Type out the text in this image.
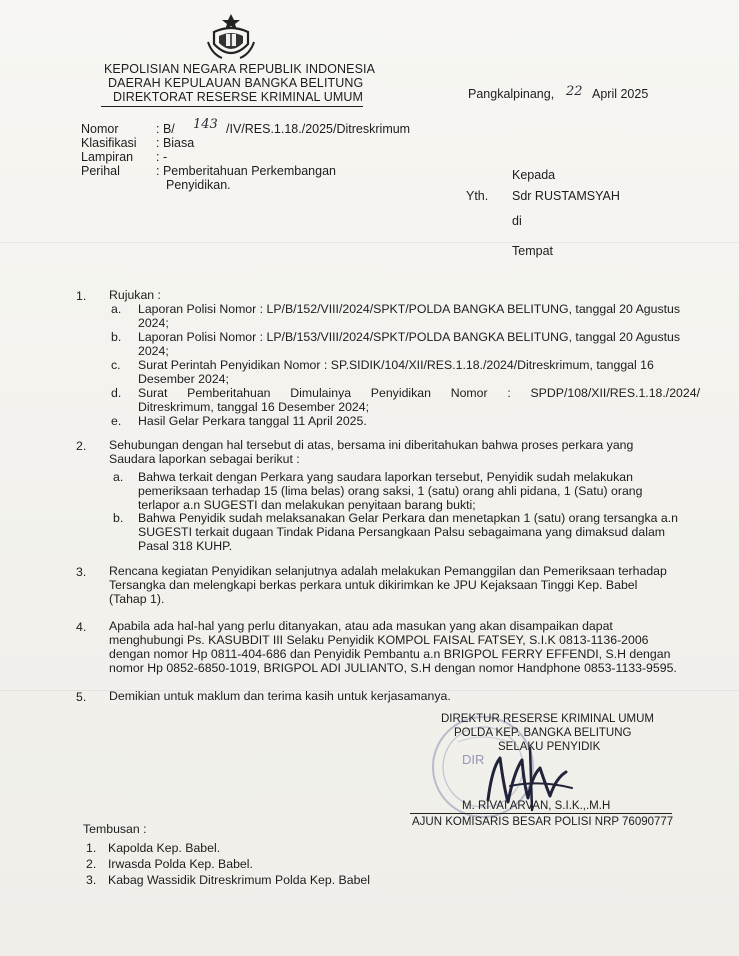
KEPOLISIAN NEGARA REPUBLIK INDONESIA
DAERAH KEPULAUAN BANGKA BELITUNG
DIREKTORAT RESERSE KRIMINAL UMUM	Pangkalpinang, 22 April 2025
Nomor	: B/ 143 /IV/RES.1.18./2025/Ditreskrimum
Klasifikasi : Biasa
Lampiran : -
Perihal	: Pemberitahuan Perkembangan
Penyidikan.
Kepada
Yth. Sdr RUSTAMSYAH
di
Tempat
1. Rujukan :
a. Laporan Polisi Nomor : LP/B/152/VIII/2024/SPKT/POLDA BANGKA BELITUNG, tanggal 20 Agustus
2024;
b. Laporan Polisi Nomor : LP/B/153/VIII/2024/SPKT/POLDA BANGKA BELITUNG, tanggal 20 Agustus
2024;
c. Surat Perintah Penyidikan Nomor : SP.SIDIK/104/XII/RES.1.18./2024/Ditreskrimum, tanggal 16
Desember 2024;
d. Surat Pemberitahuan Dimulainya Penyidikan Nomor : SPDP/108/XII/RES.1.18./2024/
Ditreskrimum, tanggal 16 Desember 2024;
e. Hasil Gelar Perkara tanggal 11 April 2025.
2. Sehubungan dengan hal tersebut di atas, bersama ini diberitahukan bahwa proses perkara yang
Saudara laporkan sebagai berikut :
a. Bahwa terkait dengan Perkara yang saudara laporkan tersebut, Penyidik sudah melakukan
pemeriksaan terhadap 15 (lima belas) orang saksi, 1 (satu) orang ahli pidana, 1 (Satu) orang
terlapor a.n SUGESTI dan melakukan penyitaan barang bukti;
b. Bahwa Penyidik sudah melaksanakan Gelar Perkara dan menetapkan 1 (satu) orang tersangka a.n
SUGESTI terkait dugaan Tindak Pidana Persangkaan Palsu sebagaimana yang dimaksud dalam
Pasal 318 KUHP.
3. Rencana kegiatan Penyidikan selanjutnya adalah melakukan Pemanggilan dan Pemeriksaan terhadap
Tersangka dan melengkapi berkas perkara untuk dikirimkan ke JPU Kejaksaan Tinggi Kep. Babel
(Tahap 1).
4. Apabila ada hal-hal yang perlu ditanyakan, atau ada masukan yang akan disampaikan dapat
menghubungi Ps. KASUBDIT III Selaku Penyidik KOMPOL FAISAL FATSEY, S.I.K 0813-1136-2006
dengan nomor Hp 0811-404-686 dan Penyidik Pembantu a.n BRIGPOL FERRY EFFENDI, S.H dengan
nomor Hp 0852-6850-1019, BRIGPOL ADI JULIANTO, S.H dengan nomor Handphone 0853-1133-9595.
5. Demikian untuk maklum dan terima kasih untuk kerjasamanya.
DIR
DIREKTUR RESERSE KRIMINAL UMUM
POLDA KEP. BANGKA BELITUNG
SELAKU PENYIDIK
M. RIVAI ARVAN, S.I.K.,.M.H
AJUN KOMISARIS BESAR POLISI NRP 76090777
Tembusan :
1. Kapolda Kep. Babel.
2. Irwasda Polda Kep. Babel.
3. Kabag Wassidik Ditreskrimum Polda Kep. Babel
